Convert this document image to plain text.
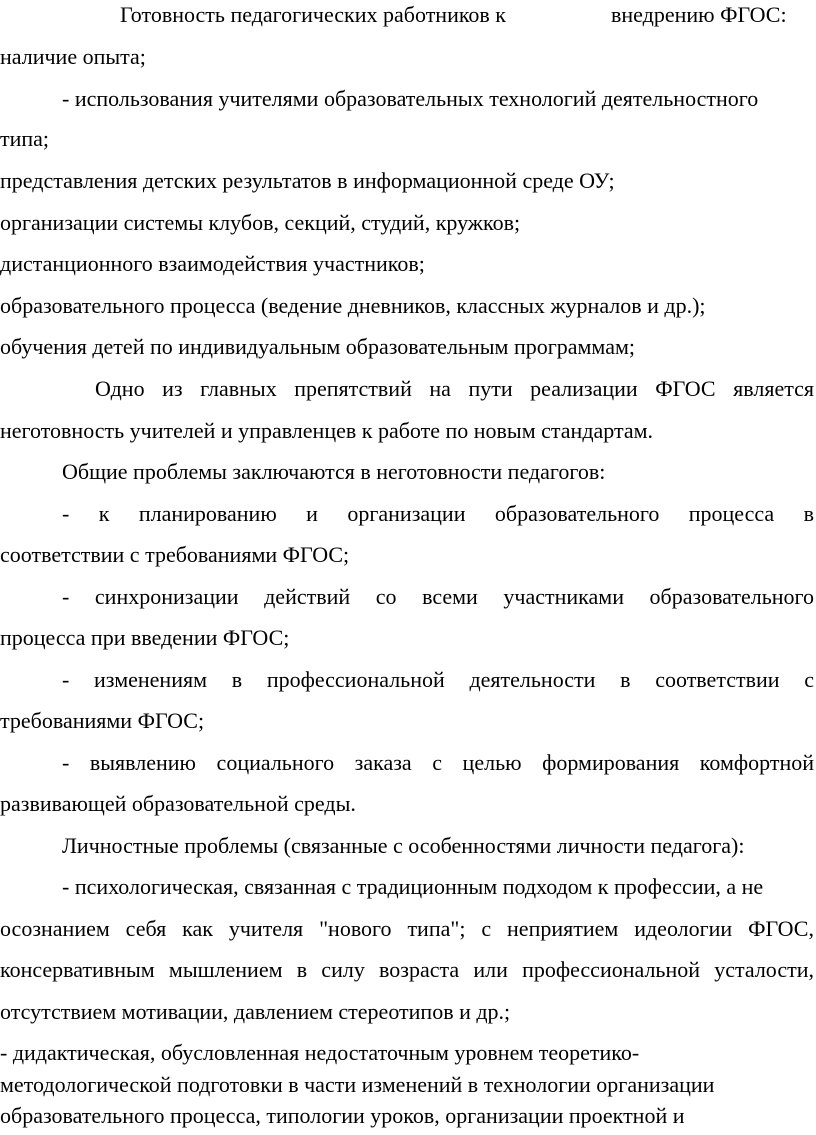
Готовность педагогических работников к	внедрению ФГОС:

наличие опыта;

- использования учителями образовательных технологий деятельностного

типа;

представления детских результатов в информационной среде ОУ;

организации системы клубов, секций, студий, кружков;

дистанционного взаимодействия участников;

образовательного процесса (ведение дневников, классных журналов и др.);

обучения детей по индивидуальным образовательным программам;

Одно из главных препятствий на пути реализации ФГОС является

неготовность учителей и управленцев к работе по новым стандартам.

Общие проблемы заключаются в неготовности педагогов:

- к планированию и организации образовательного процесса в

соответствии с требованиями ФГОС;

- синхронизации действий со всеми участниками образовательного

процесса при введении ФГОС;

- изменениям в профессиональной деятельности в соответствии с

требованиями ФГОС;

- выявлению социального заказа с целью формирования комфортной

развивающей образовательной среды.

Личностные проблемы (связанные с особенностями личности педагога):

- психологическая, связанная с традиционным подходом к профессии, а не

осознанием себя как учителя "нового типа"; с неприятием идеологии ФГОС,

консервативным мышлением в силу возраста или профессиональной усталости,

отсутствием мотивации, давлением стереотипов и др.;

- дидактическая, обусловленная недостаточным уровнем теоретико-

методологической подготовки в части изменений в технологии организации

образовательного процесса, типологии уроков, организации проектной и
